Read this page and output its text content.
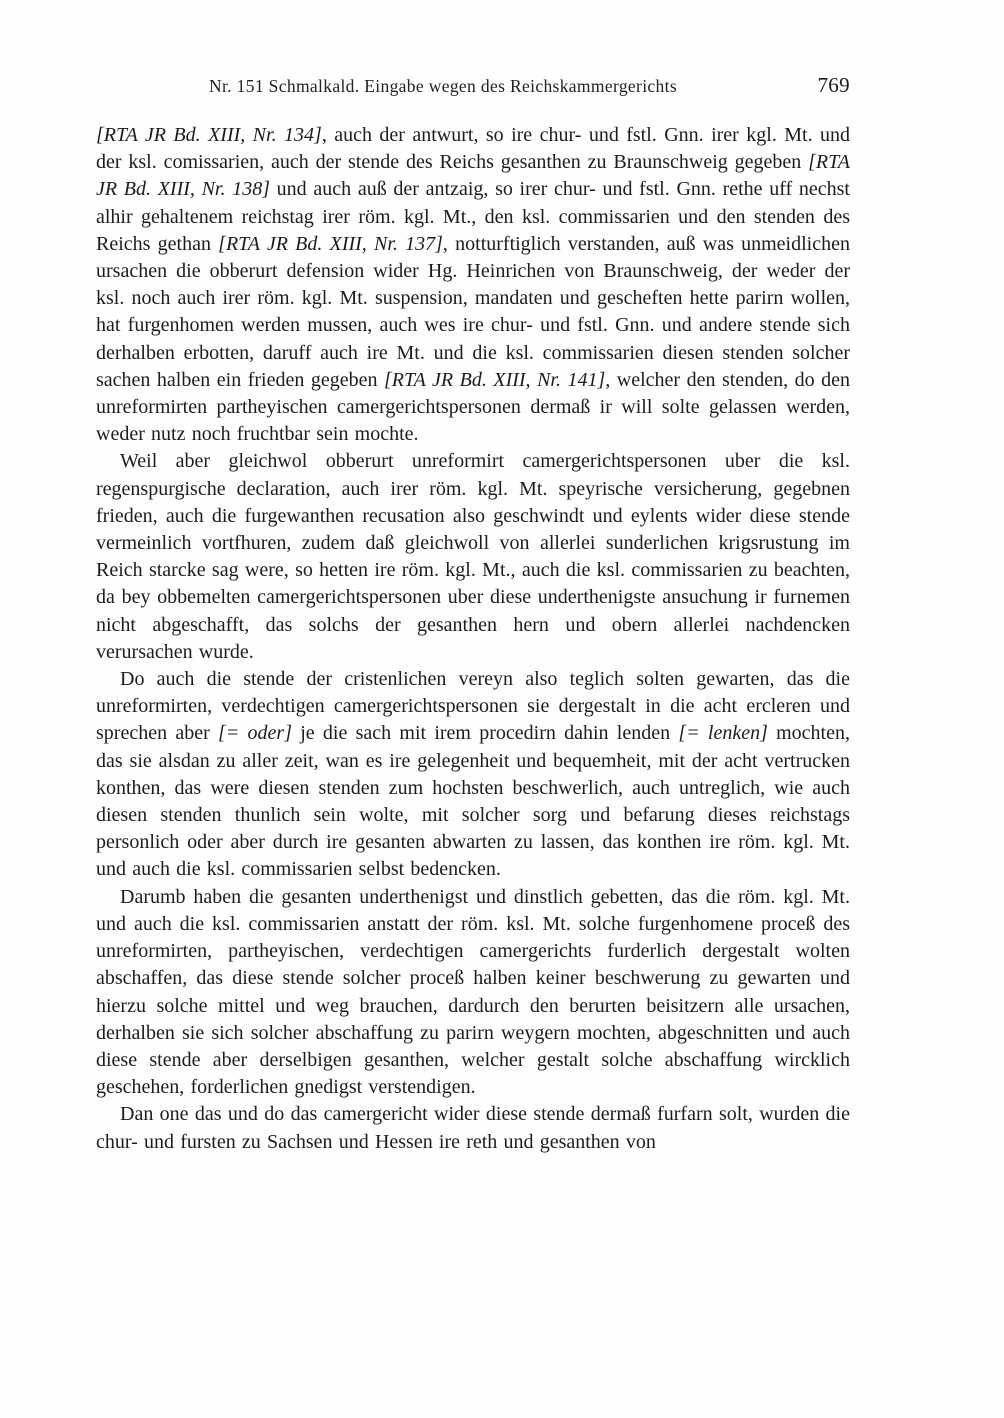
Nr. 151 Schmalkald. Eingabe wegen des Reichskammergerichts	769

[RTA JR Bd. XIII, Nr. 134], auch der antwurt, so ire chur- und fstl. Gnn. irer kgl. Mt. und der ksl. comissarien, auch der stende des Reichs gesanthen zu Braunschweig gegeben [RTA JR Bd. XIII, Nr. 138] und auch auß der antzaig, so irer chur- und fstl. Gnn. rethe uff nechst alhir gehaltenem reichstag irer röm. kgl. Mt., den ksl. commissarien und den stenden des Reichs gethan [RTA JR Bd. XIII, Nr. 137], notturftiglich verstanden, auß was unmeidlichen ursachen die obberurt defension wider Hg. Heinrichen von Braunschweig, der weder der ksl. noch auch irer röm. kgl. Mt. suspension, mandaten und gescheften hette parirn wollen, hat furgenhomen werden mussen, auch wes ire chur- und fstl. Gnn. und andere stende sich derhalben erbotten, daruff auch ire Mt. und die ksl. commissarien diesen stenden solcher sachen halben ein frieden gegeben [RTA JR Bd. XIII, Nr. 141], welcher den stenden, do den unreformirten partheyischen camergerichtspersonen dermaß ir will solte gelassen werden, weder nutz noch fruchtbar sein mochte.

Weil aber gleichwol obberurt unreformirt camergerichtspersonen uber die ksl. regenspurgische declaration, auch irer röm. kgl. Mt. speyrische versicherung, gegebnen frieden, auch die furgewanthen recusation also geschwindt und eylents wider diese stende vermeinlich vortfhuren, zudem daß gleichwoll von allerlei sunderlichen krigsrustung im Reich starcke sag were, so hetten ire röm. kgl. Mt., auch die ksl. commissarien zu beachten, da bey obbemelten camergerichtspersonen uber diese underthenigste ansuchung ir furnemen nicht abgeschafft, das solchs der gesanthen hern und obern allerlei nachdencken verursachen wurde.

Do auch die stende der cristenlichen vereyn also teglich solten gewarten, das die unreformirten, verdechtigen camergerichtspersonen sie dergestalt in die acht ercleren und sprechen aber [= oder] je die sach mit irem procedirn dahin lenden [= lenken] mochten, das sie alsdan zu aller zeit, wan es ire gelegenheit und bequemheit, mit der acht vertrucken konthen, das were diesen stenden zum hochsten beschwerlich, auch untreglich, wie auch diesen stenden thunlich sein wolte, mit solcher sorg und befarung dieses reichstags personlich oder aber durch ire gesanten abwarten zu lassen, das konthen ire röm. kgl. Mt. und auch die ksl. commissarien selbst bedencken.

Darumb haben die gesanten underthenigst und dinstlich gebetten, das die röm. kgl. Mt. und auch die ksl. commissarien anstatt der röm. ksl. Mt. solche furgenhomene proceß des unreformirten, partheyischen, verdechtigen camergerichts furderlich dergestalt wolten abschaffen, das diese stende solcher proceß halben keiner beschwerung zu gewarten und hierzu solche mittel und weg brauchen, dardurch den berurten beisitzern alle ursachen, derhalben sie sich solcher abschaffung zu parirn weygern mochten, abgeschnitten und auch diese stende aber derselbigen gesanthen, welcher gestalt solche abschaffung wircklich geschehen, forderlichen gnedigst verstendigen.

Dan one das und do das camergericht wider diese stende dermaß furfarn solt, wurden die chur- und fursten zu Sachsen und Hessen ire reth und gesanthen von
